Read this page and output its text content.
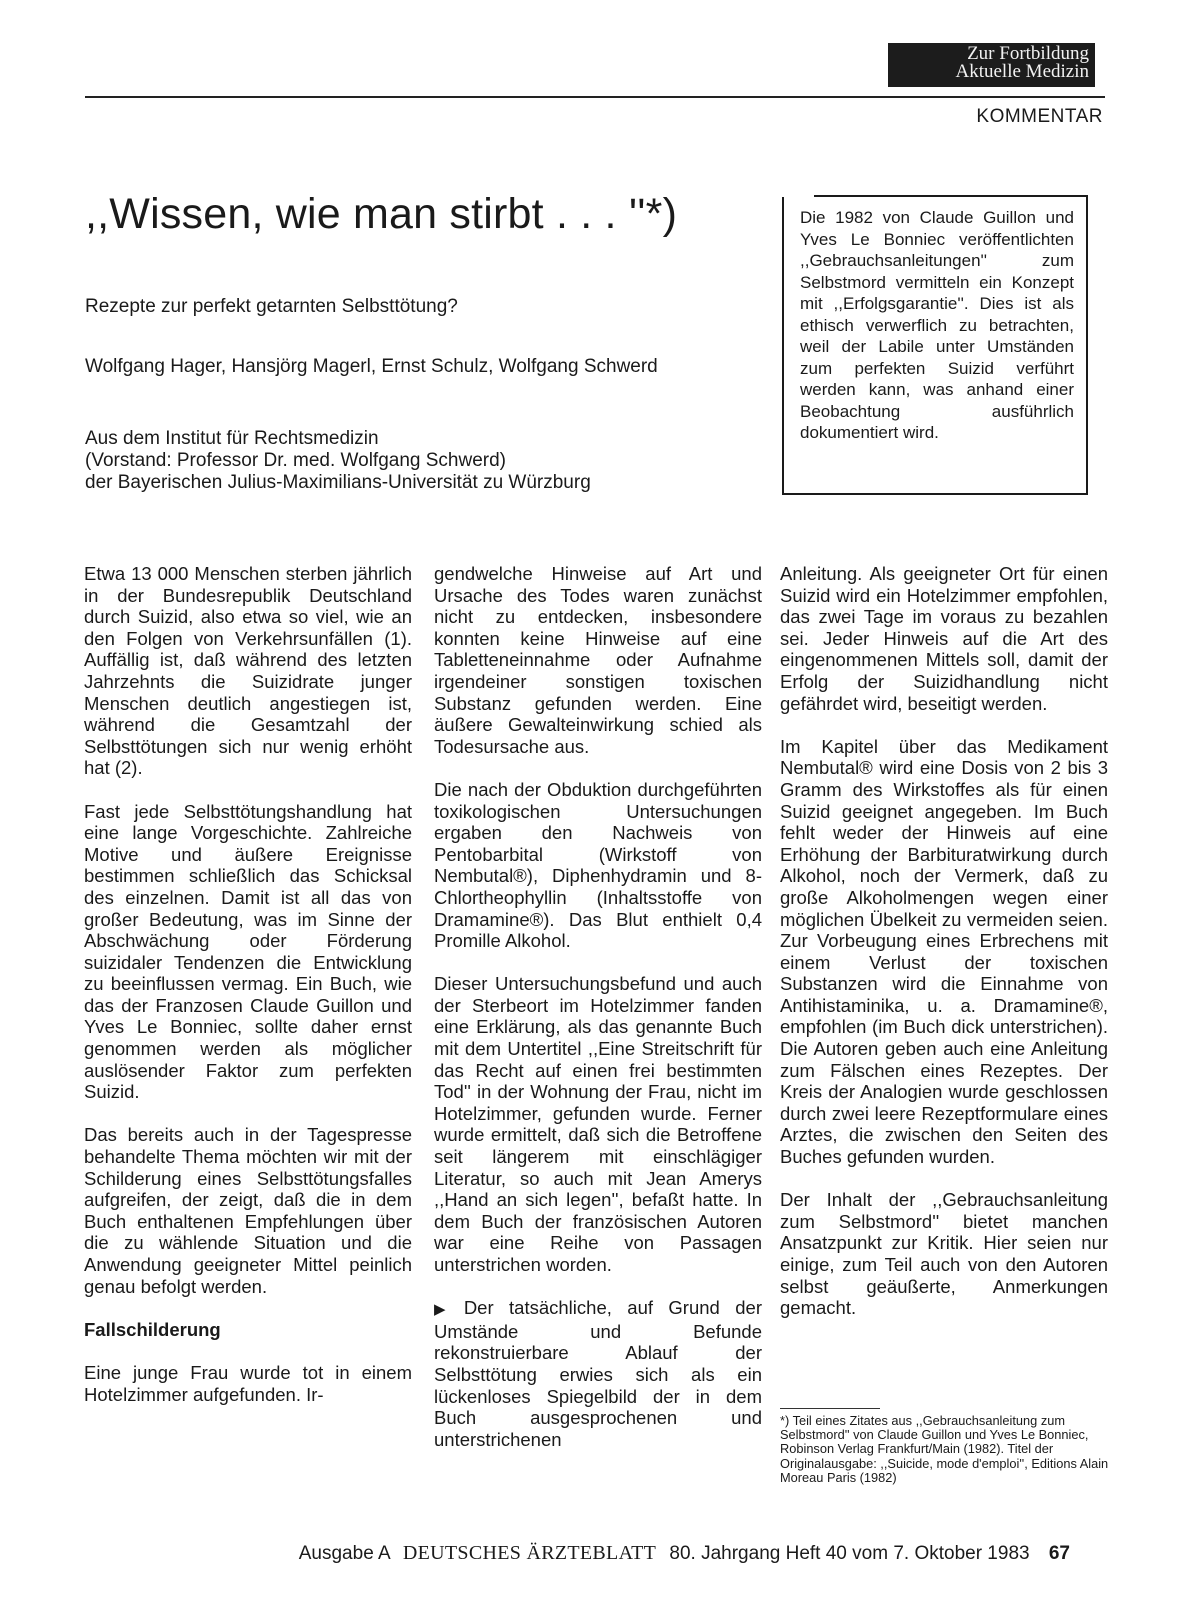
Zur Fortbildung
Aktuelle Medizin
KOMMENTAR
,,Wissen, wie man stirbt . . . ''*)
Rezepte zur perfekt getarnten Selbsttötung?
Wolfgang Hager, Hansjörg Magerl, Ernst Schulz, Wolfgang Schwerd
Aus dem Institut für Rechtsmedizin
(Vorstand: Professor Dr. med. Wolfgang Schwerd)
der Bayerischen Julius-Maximilians-Universität zu Würzburg
Die 1982 von Claude Guillon und Yves Le Bonniec veröffentlichten ,,Gebrauchsanleitungen'' zum Selbstmord vermitteln ein Konzept mit ,,Erfolgsgarantie''. Dies ist als ethisch verwerflich zu betrachten, weil der Labile unter Umständen zum perfekten Suizid verführt werden kann, was anhand einer Beobachtung ausführlich dokumentiert wird.

Etwa 13 000 Menschen sterben jährlich in der Bundesrepublik Deutschland durch Suizid, also etwa so viel, wie an den Folgen von Verkehrsunfällen (1). Auffällig ist, daß während des letzten Jahrzehnts die Suizidrate junger Menschen deutlich angestiegen ist, während die Gesamtzahl der Selbsttötungen sich nur wenig erhöht hat (2).

Fast jede Selbsttötungshandlung hat eine lange Vorgeschichte. Zahlreiche Motive und äußere Ereignisse bestimmen schließlich das Schicksal des einzelnen. Damit ist all das von großer Bedeutung, was im Sinne der Abschwächung oder Förderung suizidaler Tendenzen die Entwicklung zu beeinflussen vermag. Ein Buch, wie das der Franzosen Claude Guillon und Yves Le Bonniec, sollte daher ernst genommen werden als möglicher auslösender Faktor zum perfekten Suizid.

Das bereits auch in der Tagespresse behandelte Thema möchten wir mit der Schilderung eines Selbsttötungsfalles aufgreifen, der zeigt, daß die in dem Buch enthaltenen Empfehlungen über die zu wählende Situation und die Anwendung geeigneter Mittel peinlich genau befolgt werden.

Fallschilderung

Eine junge Frau wurde tot in einem Hotelzimmer aufgefunden. Ir-

gendwelche Hinweise auf Art und Ursache des Todes waren zunächst nicht zu entdecken, insbesondere konnten keine Hinweise auf eine Tabletteneinnahme oder Aufnahme irgendeiner sonstigen toxischen Substanz gefunden werden. Eine äußere Gewalteinwirkung schied als Todesursache aus.

Die nach der Obduktion durchgeführten toxikologischen Untersuchungen ergaben den Nachweis von Pentobarbital (Wirkstoff von Nembutal®), Diphenhydramin und 8-Chlortheophyllin (Inhaltsstoffe von Dramamine®). Das Blut enthielt 0,4 Promille Alkohol.

Dieser Untersuchungsbefund und auch der Sterbeort im Hotelzimmer fanden eine Erklärung, als das genannte Buch mit dem Untertitel ,,Eine Streitschrift für das Recht auf einen frei bestimmten Tod'' in der Wohnung der Frau, nicht im Hotelzimmer, gefunden wurde. Ferner wurde ermittelt, daß sich die Betroffene seit längerem mit einschlägiger Literatur, so auch mit Jean Amerys ,,Hand an sich legen'', befaßt hatte. In dem Buch der französischen Autoren war eine Reihe von Passagen unterstrichen worden.

▶ Der tatsächliche, auf Grund der Umstände und Befunde rekonstruierbare Ablauf der Selbsttötung erwies sich als ein lückenloses Spiegelbild der in dem Buch ausgesprochenen und unterstrichenen

Anleitung. Als geeigneter Ort für einen Suizid wird ein Hotelzimmer empfohlen, das zwei Tage im voraus zu bezahlen sei. Jeder Hinweis auf die Art des eingenommenen Mittels soll, damit der Erfolg der Suizidhandlung nicht gefährdet wird, beseitigt werden.

Im Kapitel über das Medikament Nembutal® wird eine Dosis von 2 bis 3 Gramm des Wirkstoffes als für einen Suizid geeignet angegeben. Im Buch fehlt weder der Hinweis auf eine Erhöhung der Barbituratwirkung durch Alkohol, noch der Vermerk, daß zu große Alkoholmengen wegen einer möglichen Übelkeit zu vermeiden seien. Zur Vorbeugung eines Erbrechens mit einem Verlust der toxischen Substanzen wird die Einnahme von Antihistaminika, u. a. Dramamine®, empfohlen (im Buch dick unterstrichen). Die Autoren geben auch eine Anleitung zum Fälschen eines Rezeptes. Der Kreis der Analogien wurde geschlossen durch zwei leere Rezeptformulare eines Arztes, die zwischen den Seiten des Buches gefunden wurden.

Der Inhalt der ,,Gebrauchsanleitung zum Selbstmord'' bietet manchen Ansatzpunkt zur Kritik. Hier seien nur einige, zum Teil auch von den Autoren selbst geäußerte, Anmerkungen gemacht.

*) Teil eines Zitates aus ,,Gebrauchsanleitung zum Selbstmord'' von Claude Guillon und Yves Le Bonniec, Robinson Verlag Frankfurt/Main (1982). Titel der Originalausgabe: ,,Suicide, mode d'emploi'', Editions Alain Moreau Paris (1982)
Ausgabe A DEUTSCHES ÄRZTEBLATT 80. Jahrgang Heft 40 vom 7. Oktober 1983 67
